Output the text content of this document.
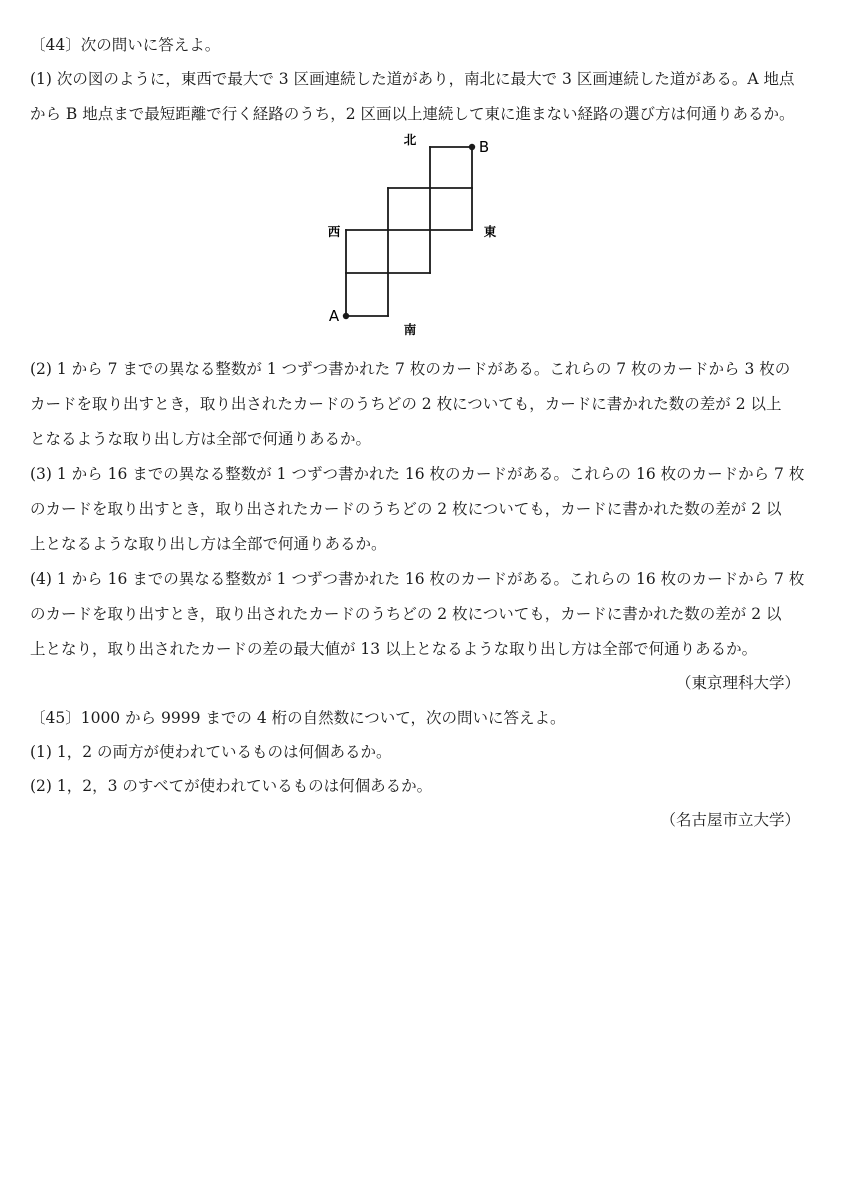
〔44〕次の問いに答えよ。
(1) 次の図のように，東西で最大で 3 区画連続した道があり，南北に最大で 3 区画連続した道がある。A 地点
から B 地点まで最短距離で行く経路のうち，2 区画以上連続して東に進まない経路の選び方は何通りあるか。
北
南
西	東
A
B
(2) 1 から 7 までの異なる整数が 1 つずつ書かれた 7 枚のカードがある。これらの 7 枚のカードから 3 枚の
カードを取り出すとき，取り出されたカードのうちどの 2 枚についても，カードに書かれた数の差が 2 以上
となるような取り出し方は全部で何通りあるか。
(3) 1 から 16 までの異なる整数が 1 つずつ書かれた 16 枚のカードがある。これらの 16 枚のカードから 7 枚
のカードを取り出すとき，取り出されたカードのうちどの 2 枚についても，カードに書かれた数の差が 2 以
上となるような取り出し方は全部で何通りあるか。
(4) 1 から 16 までの異なる整数が 1 つずつ書かれた 16 枚のカードがある。これらの 16 枚のカードから 7 枚
のカードを取り出すとき，取り出されたカードのうちどの 2 枚についても，カードに書かれた数の差が 2 以
上となり，取り出されたカードの差の最大値が 13 以上となるような取り出し方は全部で何通りあるか。
（東京理科大学）
〔45〕1000 から 9999 までの 4 桁の自然数について，次の問いに答えよ。
(1) 1，2 の両方が使われているものは何個あるか。
(2) 1，2，3 のすべてが使われているものは何個あるか。
（名古屋市立大学）
